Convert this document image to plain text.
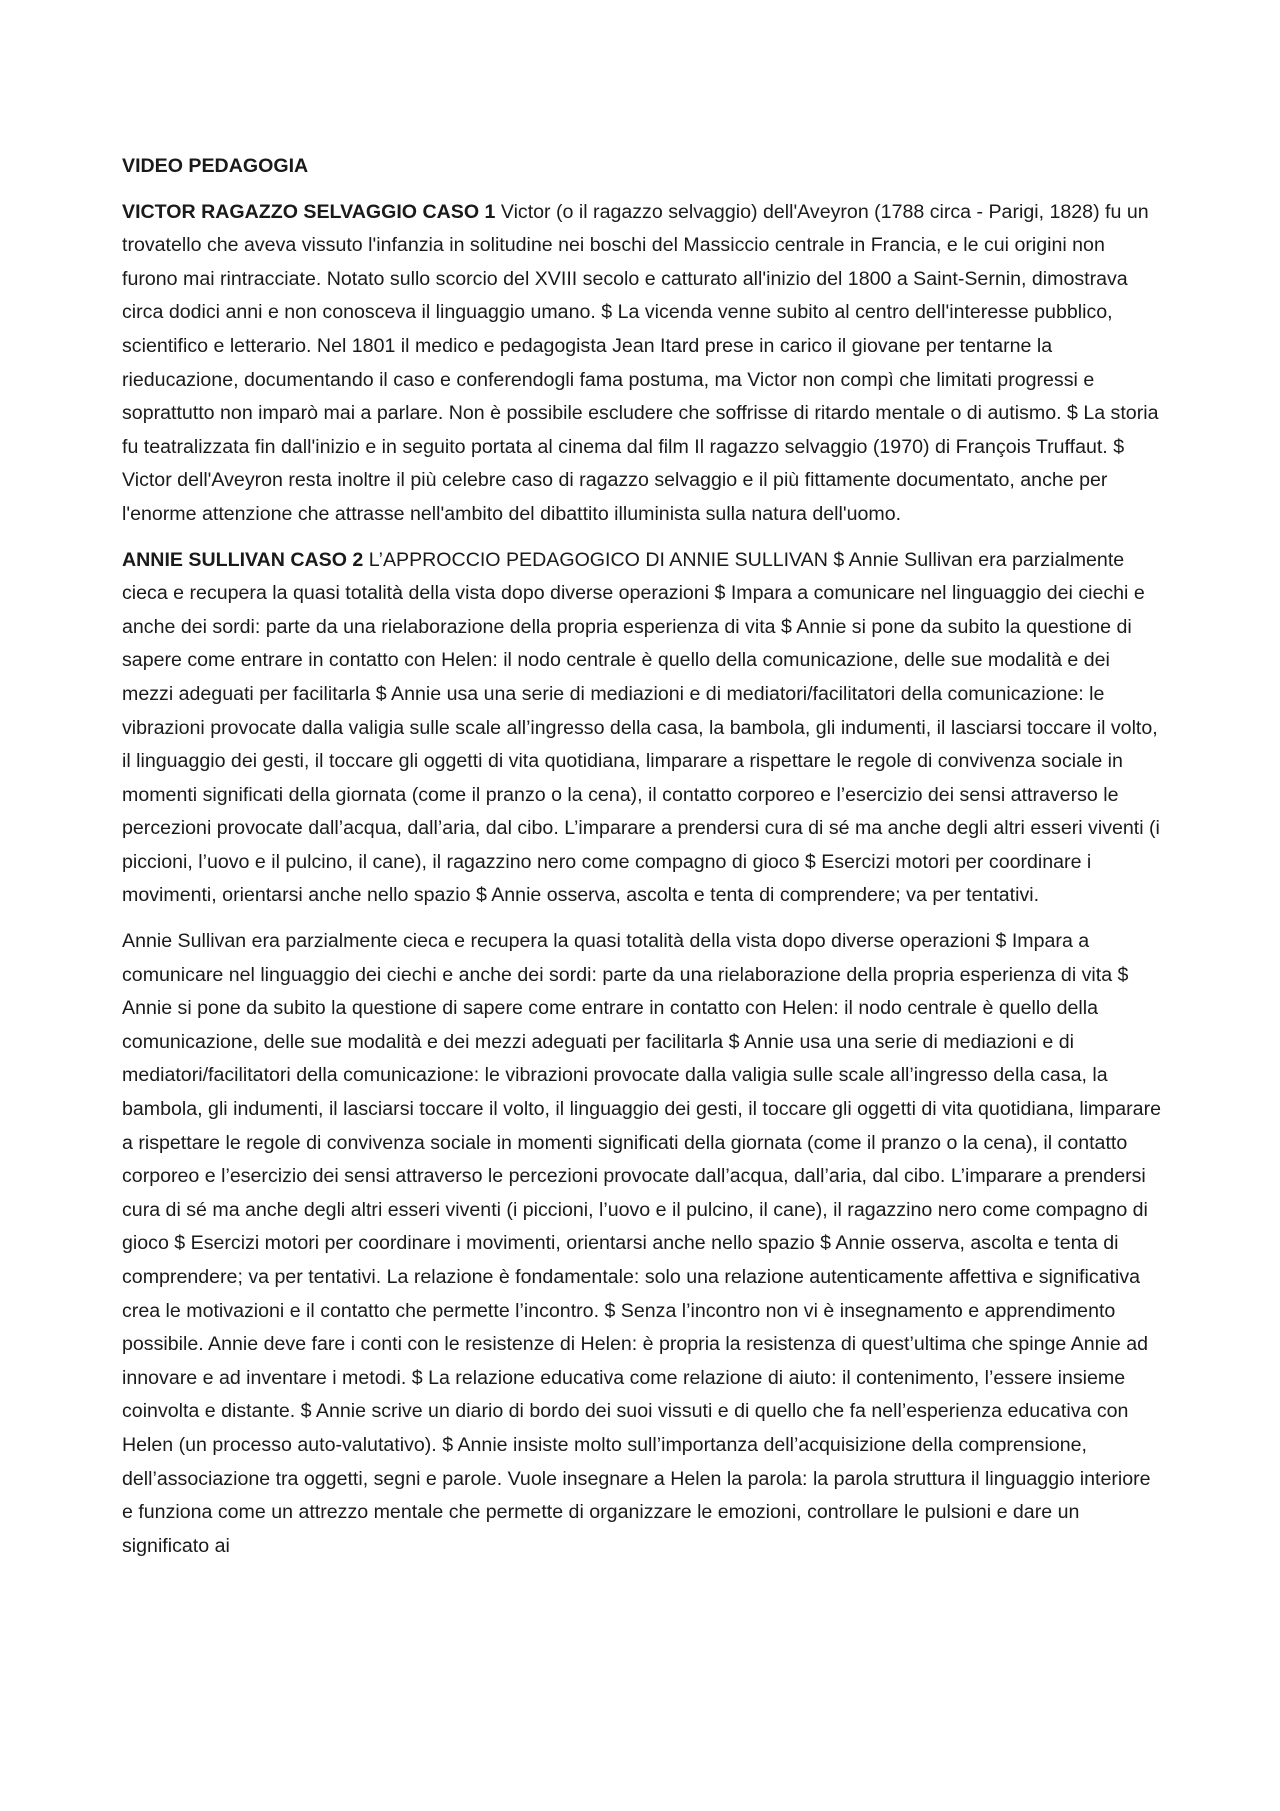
VIDEO PEDAGOGIA

VICTOR RAGAZZO SELVAGGIO CASO 1 Victor (o il ragazzo selvaggio) dell'Aveyron (1788 circa - Parigi, 1828) fu un trovatello che aveva vissuto l'infanzia in solitudine nei boschi del Massiccio centrale in Francia, e le cui origini non furono mai rintracciate. Notato sullo scorcio del XVIII secolo e catturato all'inizio del 1800 a Saint-Sernin, dimostrava circa dodici anni e non conosceva il linguaggio umano. $ La vicenda venne subito al centro dell'interesse pubblico, scientifico e letterario. Nel 1801 il medico e pedagogista Jean Itard prese in carico il giovane per tentarne la rieducazione, documentando il caso e conferendogli fama postuma, ma Victor non compì che limitati progressi e soprattutto non imparò mai a parlare. Non è possibile escludere che soffrisse di ritardo mentale o di autismo. $ La storia fu teatralizzata fin dall'inizio e in seguito portata al cinema dal film Il ragazzo selvaggio (1970) di François Truffaut. $ Victor dell'Aveyron resta inoltre il più celebre caso di ragazzo selvaggio e il più fittamente documentato, anche per l'enorme attenzione che attrasse nell'ambito del dibattito illuminista sulla natura dell'uomo.

ANNIE SULLIVAN CASO 2 L’APPROCCIO PEDAGOGICO DI ANNIE SULLIVAN $ Annie Sullivan era parzialmente cieca e recupera la quasi totalità della vista dopo diverse operazioni $ Impara a comunicare nel linguaggio dei ciechi e anche dei sordi: parte da una rielaborazione della propria esperienza di vita $ Annie si pone da subito la questione di sapere come entrare in contatto con Helen: il nodo centrale è quello della comunicazione, delle sue modalità e dei mezzi adeguati per facilitarla $ Annie usa una serie di mediazioni e di mediatori/facilitatori della comunicazione: le vibrazioni provocate dalla valigia sulle scale all’ingresso della casa, la bambola, gli indumenti, il lasciarsi toccare il volto, il linguaggio dei gesti, il toccare gli oggetti di vita quotidiana, limparare a rispettare le regole di convivenza sociale in momenti significati della giornata (come il pranzo o la cena), il contatto corporeo e l’esercizio dei sensi attraverso le percezioni provocate dall’acqua, dall’aria, dal cibo. L’imparare a prendersi cura di sé ma anche degli altri esseri viventi (i piccioni, l’uovo e il pulcino, il cane), il ragazzino nero come compagno di gioco $ Esercizi motori per coordinare i movimenti, orientarsi anche nello spazio $ Annie osserva, ascolta e tenta di comprendere; va per tentativi.

Annie Sullivan era parzialmente cieca e recupera la quasi totalità della vista dopo diverse operazioni $ Impara a comunicare nel linguaggio dei ciechi e anche dei sordi: parte da una rielaborazione della propria esperienza di vita $ Annie si pone da subito la questione di sapere come entrare in contatto con Helen: il nodo centrale è quello della comunicazione, delle sue modalità e dei mezzi adeguati per facilitarla $ Annie usa una serie di mediazioni e di mediatori/facilitatori della comunicazione: le vibrazioni provocate dalla valigia sulle scale all’ingresso della casa, la bambola, gli indumenti, il lasciarsi toccare il volto, il linguaggio dei gesti, il toccare gli oggetti di vita quotidiana, limparare a rispettare le regole di convivenza sociale in momenti significati della giornata (come il pranzo o la cena), il contatto corporeo e l’esercizio dei sensi attraverso le percezioni provocate dall’acqua, dall’aria, dal cibo. L’imparare a prendersi cura di sé ma anche degli altri esseri viventi (i piccioni, l’uovo e il pulcino, il cane), il ragazzino nero come compagno di gioco $ Esercizi motori per coordinare i movimenti, orientarsi anche nello spazio $ Annie osserva, ascolta e tenta di comprendere; va per tentativi. La relazione è fondamentale: solo una relazione autenticamente affettiva e significativa crea le motivazioni e il contatto che permette l’incontro. $ Senza l’incontro non vi è insegnamento e apprendimento possibile. Annie deve fare i conti con le resistenze di Helen: è propria la resistenza di quest’ultima che spinge Annie ad innovare e ad inventare i metodi. $ La relazione educativa come relazione di aiuto: il contenimento, l’essere insieme coinvolta e distante. $ Annie scrive un diario di bordo dei suoi vissuti e di quello che fa nell’esperienza educativa con Helen (un processo auto-valutativo). $ Annie insiste molto sull’importanza dell’acquisizione della comprensione, dell’associazione tra oggetti, segni e parole. Vuole insegnare a Helen la parola: la parola struttura il linguaggio interiore e funziona come un attrezzo mentale che permette di organizzare le emozioni, controllare le pulsioni e dare un significato ai
